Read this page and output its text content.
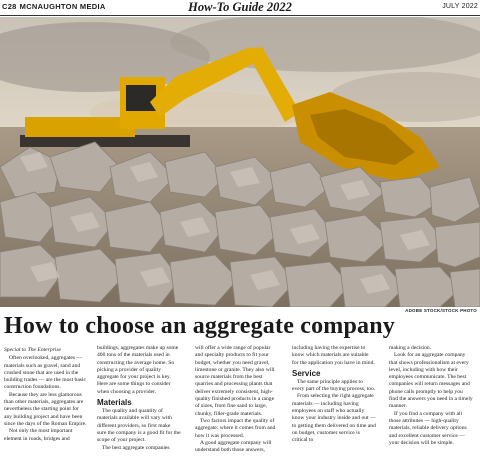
C28 MCNAUGHTON MEDIA	How-To Guide 2022	JULY 2022
ADOBE STOCK/STOCK PHOTO
How to choose an aggregate company

Special to The Enterprise

Often overlooked, aggregates — materials such as gravel, sand and crushed stone that are used in the building trades — are the most basic construction foundations.

Because they are less glamorous than other materials, aggregates are nevertheless the starting point for any building project and have been since the days of the Roman Empire.

Not only the most important element in roads, bridges and

buildings, aggregates make up some 400 tons of the materials used in constructing the average home. So picking a provider of quality aggregate for your project is key. Here are some things to consider when choosing a provider.

Materials

The quality and quantity of materials available will vary with different providers, so first make sure the company is a good fit for the scope of your project.

The best aggregate companies

will offer a wide range of popular and specialty products to fit your budget, whether you need gravel, limestone or granite. They also will source materials from the best quarries and processing plants that deliver extremely consistent, high-quality finished products in a range of sizes, from fine sand to large, chunky, filler-grade materials.

Two factors impact the quality of aggregate: where it comes from and how it was processed.

A good aggregate company will understand both those answers,

including having the expertise to know which materials are suitable for the application you have in mind.

Service

The same principle applies to every part of the buying process, too.

From selecting the right aggregate materials — including having employees on staff who actually know your industry inside and out — to getting them delivered on time and on budget, customer service is critical to

making a decision.

Look for an aggregate company that shows professionalism at every level, including with how their employees communicate. The best companies will return messages and phone calls promptly to help you find the answers you need in a timely manner.

If you find a company with all those attributes — high-quality materials, reliable delivery options and excellent customer service — your decision will be simple.
